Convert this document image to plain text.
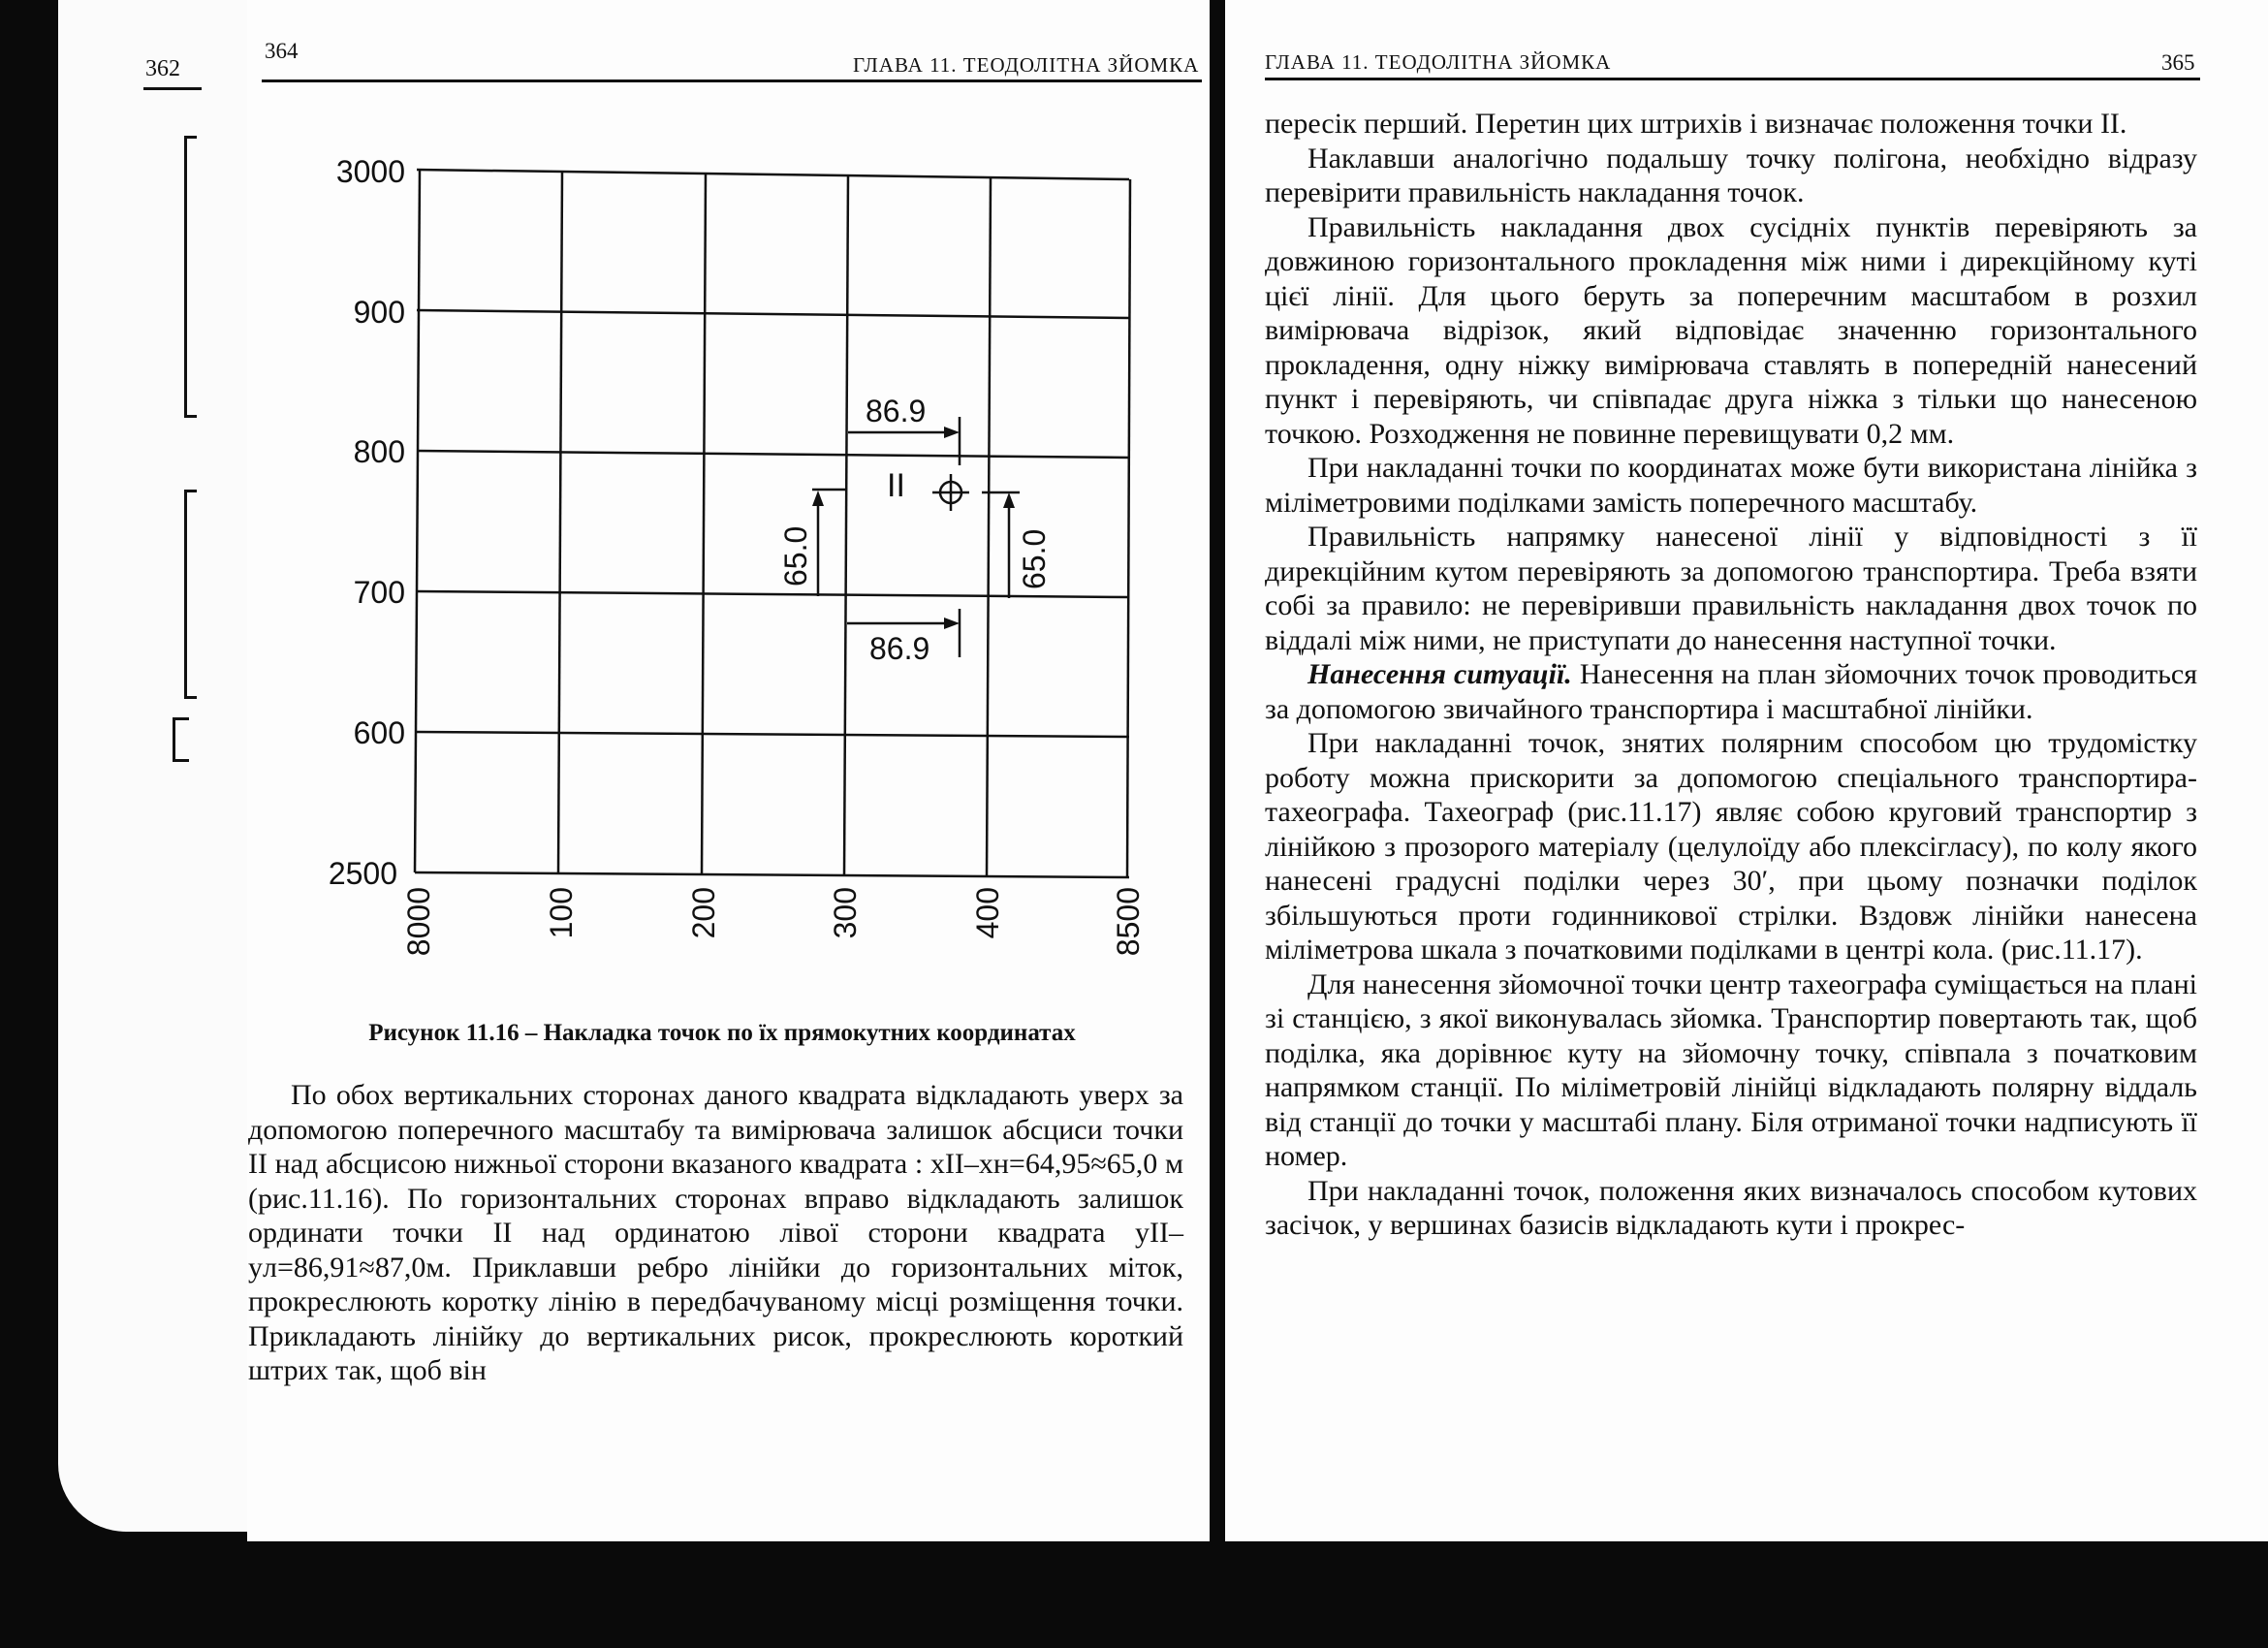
362
364
ГЛАВА 11. ТЕОДОЛІТНА ЗЙОМКА	ГЛАВА 11. ТЕОДОЛІТНА ЗЙОМКА	365
3000
900
800
700
600
2500
8000	100	200	300	400	8500
86.9
86.9
65.0	65.0
II
Рисунок 11.16 – Накладка точок по їх прямокутних координатах

По обох вертикальних сторонах даного квадрата відкладають уверх за допомогою поперечного масштабу та вимірювача залишок абсциси точки II над абсцисою нижньої сторони вказаного квадрата : xII–xн=64,95≈65,0 м (рис.11.16). По горизонтальних сторонах вправо відкладають залишок ординати точки II над ординатою лівої сторони квадрата yII–yл=86,91≈87,0м. Приклавши ребро лінійки до горизонтальних міток, прокреслюють коротку лінію в передбачуваному місці розміщення точки. Прикладають лінійку до вертикальних рисок, прокреслюють короткий штрих так, щоб він

пересік перший. Перетин цих штрихів і визначає положення точки II.

Наклавши аналогічно подальшу точку полігона, необхідно відразу перевірити правильність накладання точок.

Правильність накладання двох сусідніх пунктів перевіряють за довжиною горизонтального прокладення між ними і дирекційному куті цієї лінії. Для цього беруть за поперечним масштабом в розхил вимірювача відрізок, який відповідає значенню горизонтального прокладення, одну ніжку вимірювача ставлять в попередній нанесений пункт і перевіряють, чи співпадає друга ніжка з тільки що нанесеною точкою. Розходження не повинне перевищувати 0,2 мм.

При накладанні точки по координатах може бути використана лінійка з міліметровими поділками замість поперечного масштабу.

Правильність напрямку нанесеної лінії у відповідності з її дирекційним кутом перевіряють за допомогою транспортира. Треба взяти собі за правило: не перевіривши правильність накладання двох точок по віддалі між ними, не приступати до нанесення наступної точки.

Нанесення ситуації. Нанесення на план зйомочних точок проводиться за допомогою звичайного транспортира і масштабної лінійки.

При накладанні точок, знятих полярним способом цю трудомістку роботу можна прискорити за допомогою спеціального транспортира-тахеографа. Тахеограф (рис.11.17) являє собою круговий транспортир з лінійкою з прозорого матеріалу (целулоїду або плексігласу), по колу якого нанесені градусні поділки через 30′, при цьому позначки поділок збільшуються проти годинникової стрілки. Вздовж лінійки нанесена міліметрова шкала з початковими поділками в центрі кола. (рис.11.17).

Для нанесення зйомочної точки центр тахеографа суміщається на плані зі станцією, з якої виконувалась зйомка. Транспортир повертають так, щоб поділка, яка дорівнює куту на зйомочну точку, співпала з початковим напрямком станції. По міліметровій лінійці відкладають полярну віддаль від станції до точки у масштабі плану. Біля отриманої точки надписують її номер.

При накладанні точок, положення яких визначалось способом кутових засічок, у вершинах базисів відкладають кути і прокрес-
